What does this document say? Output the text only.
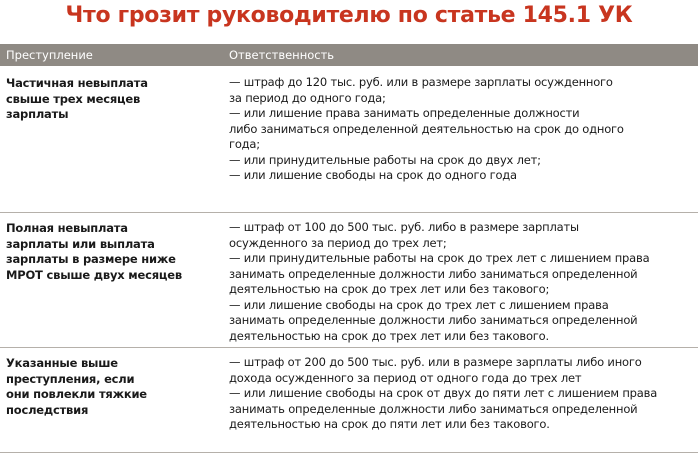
Что грозит руководителю по статье 145.1 УК
Преступление	Ответственность
Частичная невыплата
свыше трех месяцев
зарплаты
— штраф до 120 тыс. руб. или в размере зарплаты осужденного
за период до одного года;
— или лишение права занимать определенные должности
либо заниматься определенной деятельностью на срок до одного
года;
— или принудительные работы на срок до двух лет;
— или лишение свободы на срок до одного года
Полная невыплата
зарплаты или выплата
зарплаты в размере ниже
МРОТ свыше двух месяцев
— штраф от 100 до 500 тыс. руб. либо в размере зарплаты
осужденного за период до трех лет;
— или принудительные работы на срок до трех лет с лишением права
занимать определенные должности либо заниматься определенной
деятельностью на срок до трех лет или без такового;
— или лишение свободы на срок до трех лет с лишением права
занимать определенные должности либо заниматься определенной
деятельностью на срок до трех лет или без такового.
Указанные выше
преступления, если
они повлекли тяжкие
последствия
— штраф от 200 до 500 тыс. руб. или в размере зарплаты либо иного
дохода осужденного за период от одного года до трех лет
— или лишение свободы на срок от двух до пяти лет с лишением права
занимать определенные должности либо заниматься определенной
деятельностью на срок до пяти лет или без такового.
